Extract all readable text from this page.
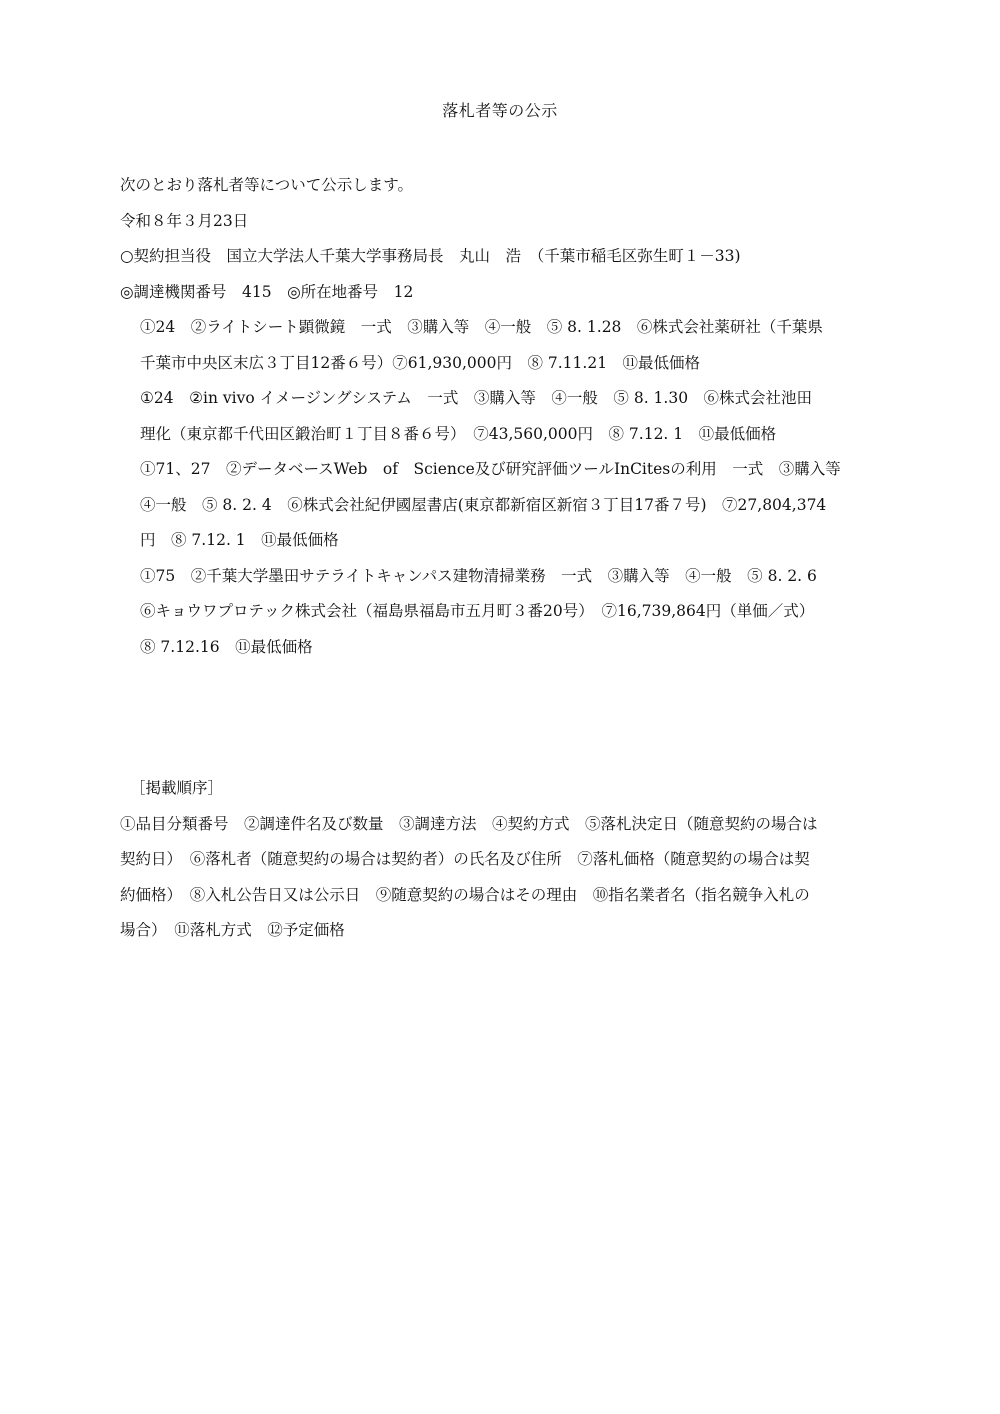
落札者等の公示
次のとおり落札者等について公示します。
令和８年３月23日
○契約担当役　国立大学法人千葉大学事務局長　丸山　浩　（千葉市稲毛区弥生町１－33)
◎調達機関番号　415　◎所在地番号　12
①24　②ライトシート顕微鏡　一式　③購入等　④一般　⑤ 8. 1.28　⑥株式会社薬研社（千葉県
千葉市中央区末広３丁目12番６号）⑦61,930,000円　⑧ 7.11.21　⑪最低価格
①24　②in vivo イメージングシステム　一式　③購入等　④一般　⑤ 8. 1.30　⑥株式会社池田
理化（東京都千代田区鍛治町１丁目８番６号）　⑦43,560,000円　⑧ 7.12. 1　⑪最低価格
①71、27　②データベースWeb　of　Science及び研究評価ツールInCitesの利用　一式　③購入等
④一般　⑤ 8. 2. 4　⑥株式会社紀伊國屋書店(東京都新宿区新宿３丁目17番７号)　⑦27,804,374
円　⑧ 7.12. 1　⑪最低価格
①75　②千葉大学墨田サテライトキャンパス建物清掃業務　一式　③購入等　④一般　⑤ 8. 2. 6
⑥キョウワプロテック株式会社（福島県福島市五月町３番20号）　⑦16,739,864円（単価／式）
⑧ 7.12.16　⑪最低価格
［掲載順序］
①品目分類番号　②調達件名及び数量　③調達方法　④契約方式　⑤落札決定日（随意契約の場合は
契約日）　⑥落札者（随意契約の場合は契約者）の氏名及び住所　⑦落札価格（随意契約の場合は契
約価格）　⑧入札公告日又は公示日　⑨随意契約の場合はその理由　⑩指名業者名（指名競争入札の
場合）　⑪落札方式　⑫予定価格
